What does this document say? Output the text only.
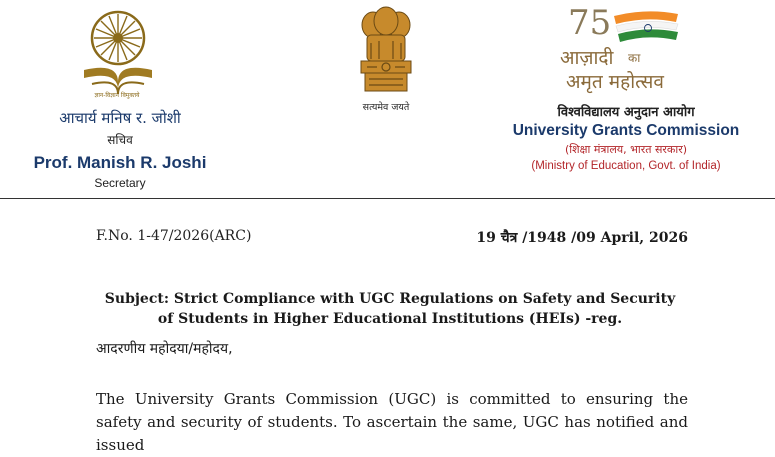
ज्ञान-विज्ञान विमुक्तये
आचार्य मनिष र. जोशी
सचिव
Prof. Manish R. Joshi
Secretary
सत्यमेव जयते
75
आज़ादी का
अमृत महोत्सव
विश्वविद्यालय अनुदान आयोग
University Grants Commission
(शिक्षा मंत्रालय, भारत सरकार)
(Ministry of Education, Govt. of India)
F.No. 1-47/2026(ARC)	19 चैत्र /1948 /09 April, 2026
Subject: Strict Compliance with UGC Regulations on Safety and Security
of Students in Higher Educational Institutions (HEIs) -reg.
आदरणीय महोदया/महोदय,
The University Grants Commission (UGC) is committed to ensuring the safety and security of students. To ascertain the same, UGC has notified and issued
